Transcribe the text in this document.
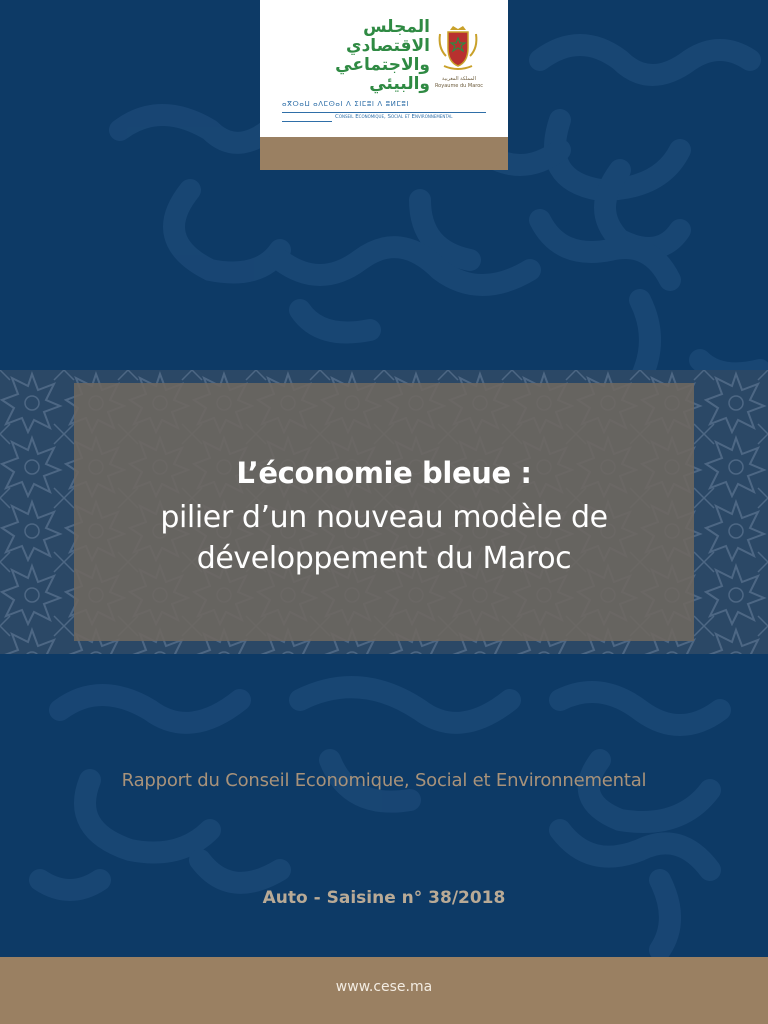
المجلس
الاقتصادي
والاجتماعي
والبيئي	المملكة المغربية
Royaume du Maroc
ⴰⴳⵔⴰⵡ ⴰⴷⵎⵙⴰⵏ ⴷ ⵉⵏⵎⵓⵏ ⴷ ⵓⵍⵎⵓⵏ
Conseil Economique, Social et Environnemental
L’économie bleue :
pilier d’un nouveau modèle de
développement du Maroc
Rapport du Conseil Economique, Social et Environnemental
Auto - Saisine n° 38/2018
www.cese.ma
